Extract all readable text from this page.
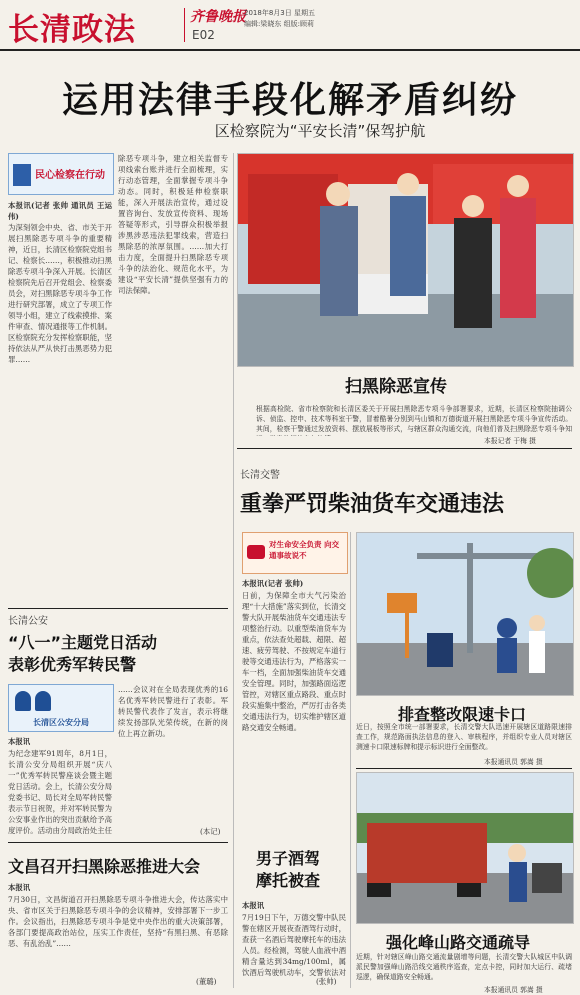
长清政法	齐鲁晚报
E02
2018年8月3日 星期五
编辑:梁晓东 组版:顾莉
运用法律手段化解矛盾纠纷
区检察院为“平安长清”保驾护航
民心检察在行动
本报讯(记者 张帅 通讯员 王运伟)
为深刻领会中央、省、市关于开展扫黑除恶专项斗争的重要精神，近日，长清区检察院党组书记、检察长……，积极推动扫黑除恶专项斗争深入开展。长清区检察院先后召开党组会、检察委员会，对扫黑除恶专项斗争工作进行研究部署，成立了专项工作领导小组，建立了线索摸排、案件审查、情况通报等工作机制。区检察院充分发挥检察职能，坚持依法从严从快打击黑恶势力犯罪……
除恶专项斗争，建立相关监督专项线索台账并进行全面梳理，实行动态管理，全面掌握专项斗争动态。同时，积极延伸检察职能，深入开展法治宣传，通过设置咨询台、发放宣传资料、现场答疑等形式，引导群众积极举报涉黑涉恶违法犯罪线索，营造扫黑除恶的浓厚氛围。……加大打击力度，全面提升扫黑除恶专项斗争的法治化、规范化水平，为建设“平安长清”提供坚强有力的司法保障。
扫黑除恶宣传
根据高检院、省市检察院和长清区委关于开展扫黑除恶专项斗争部署要求，近期，长清区检察院抽调公诉、侦监、控申、技术等科室干警，冒着酷暑分别到马山镇和万德街道开展扫黑除恶专项斗争宣传活动。其间，检察干警通过发放资料、摆放展板等形式，与辖区群众沟通交流，向他们普及扫黑除恶专项斗争知
本报记者 于梅 摄
长清交警
重拳严罚柴油货车交通违法
对生命安全负责 向交通事故说不
本报讯(记者 张帅)
日前，为保障全市大气污染治理“十大措施”落实到位，长清交警大队开展柴油货车交通违法专项整治行动。以重型柴油货车为重点，依法查处超载、超限、超速、疲劳驾驶、不按规定车道行驶等交通违法行为，严格落实一车一档，全面加强柴油货车交通安全管理。同时，加强路面巡逻管控，对辖区重点路段、重点时段实施集中整治，严厉打击各类交通违法行为，切实维护辖区道路交通安全畅通。
排查整改限速卡口
近日，按照全市统一部署要求，长清交警大队迅速开展辖区道路限速排查工作，规范路面执法信息的登入、审核程序，并组织专业人员对辖区测速卡口限速标牌和提示标识进行全面整改。
本报通讯员 郭嵩 摄
强化峰山路交通疏导
近期，针对辖区峰山路交通流量剧增等问题，长清交警大队城区中队调派民警加强峰山路沿线交通秩序巡查，定点卡控，同时加大运行、疏堵巡逻，确保道路安全畅通。
本报通讯员 郭嵩 摄
长清公安
“八一”主题党日活动
表彰优秀军转民警
长清区公安分局
本报讯
为纪念建军91周年，8月1日，长清公安分局组织开展“庆八一”优秀军转民警座谈会暨主题党日活动。会上，长清公安分局党委书记、局长对全局军转民警表示节日祝贺，并对军转民警为公安事业作出的突出贡献给予高度评价。活动由分局政治处主任
……会议对在全局表现优秀的16名优秀军转民警进行了表彰。军转民警代表作了发言，表示将继续发扬部队光荣传统，在新的岗位上再立新功。
(本记)
文昌召开扫黑除恶推进大会
本报讯
7月30日，文昌街道召开扫黑除恶专项斗争推进大会，传达落实中央、省市区关于扫黑除恶专项斗争的会议精神，安排部署下一步工作。会议指出，扫黑除恶专项斗争是党中央作出的重大决策部署，各部门要提高政治站位，压实工作责任，坚持“有黑扫黑、有恶除恶、有乱治乱”……
(董璐)
男子酒驾
摩托被查
本报讯
7月19日下午，万德交警中队民警在辖区开展夜查酒驾行动时，查获一名酒后驾驶摩托车的违法人员。经检测，驾驶人血液中酒精含量达到34mg/100ml，属饮酒后驾驶机动车，交警依法对
(张帅)
